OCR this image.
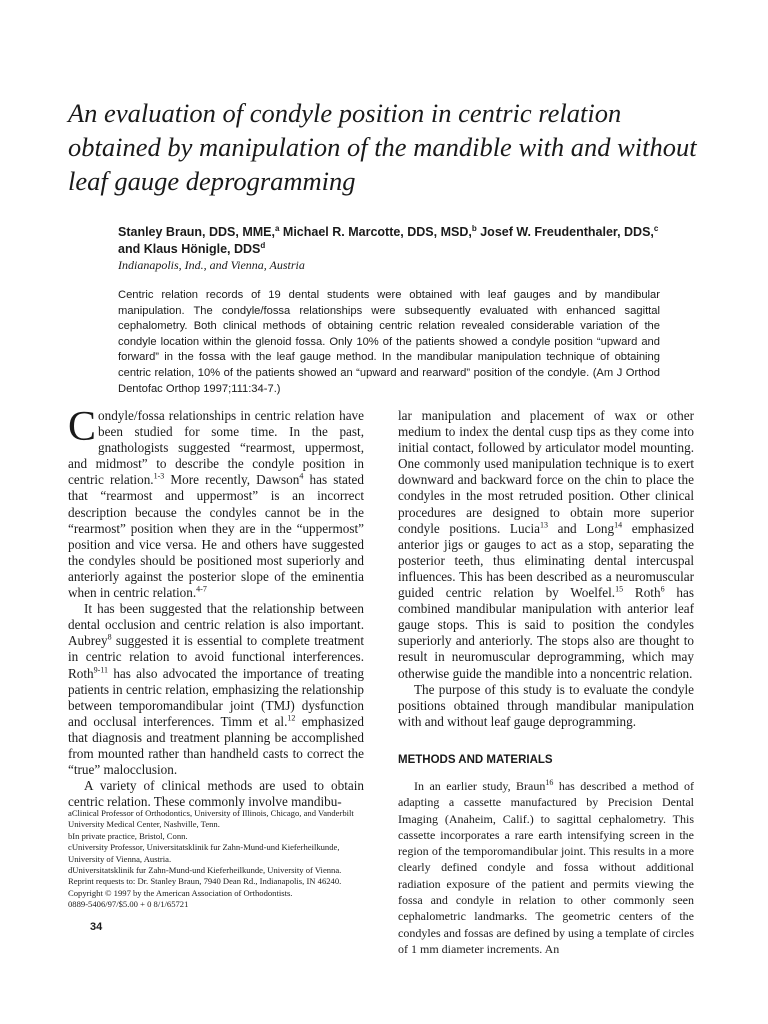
An evaluation of condyle position in centric relation obtained by manipulation of the mandible with and without leaf gauge deprogramming
Stanley Braun, DDS, MME,$^a$ Michael R. Marcotte, DDS, MSD,$^b$ Josef W. Freudenthaler, DDS,$^c$
and Klaus Hönigle, DDS$^d$
Indianapolis, Ind., and Vienna, Austria
Centric relation records of 19 dental students were obtained with leaf gauges and by mandibular manipulation. The condyle/fossa relationships were subsequently evaluated with enhanced sagittal cephalometry. Both clinical methods of obtaining centric relation revealed considerable variation of the condyle location within the glenoid fossa. Only 10% of the patients showed a condyle position “upward and forward” in the fossa with the leaf gauge method. In the mandibular manipulation technique of obtaining centric relation, 10% of the patients showed an “upward and rearward” position of the condyle. (Am J Orthod Dentofac Orthop 1997;111:34-7.)

Condyle/fossa relationships in centric relation have been studied for some time. In the past, gnathologists suggested “rearmost, uppermost, and midmost” to describe the condyle position in centric relation.$^{1-3}$ More recently, Dawson$^4$ has stated that “rearmost and uppermost” is an incorrect description because the condyles cannot be in the “rearmost” position when they are in the “uppermost” position and vice versa. He and others have suggested the condyles should be positioned most superiorly and anteriorly against the posterior slope of the eminentia when in centric relation.$^{4-7}$

It has been suggested that the relationship between dental occlusion and centric relation is also important. Aubrey$^8$ suggested it is essential to complete treatment in centric relation to avoid functional interferences. Roth$^{9-11}$ has also advocated the importance of treating patients in centric relation, emphasizing the relationship between temporomandibular joint (TMJ) dysfunction and occlusal interferences. Timm et al.$^{12}$ emphasized that diagnosis and treatment planning be accomplished from mounted rather than handheld casts to correct the “true” malocclusion.

A variety of clinical methods are used to obtain centric relation. These commonly involve mandibu-

aClinical Professor of Orthodontics, University of Illinois, Chicago, and Vanderbilt University Medical Center, Nashville, Tenn.
bIn private practice, Bristol, Conn.
cUniversity Professor, Universitatsklinik fur Zahn-Mund-und Kieferheilkunde, University of Vienna, Austria.
dUniversitatsklinik fur Zahn-Mund-und Kieferheilkunde, University of Vienna.
Reprint requests to: Dr. Stanley Braun, 7940 Dean Rd., Indianapolis, IN 46240.
Copyright © 1997 by the American Association of Orthodontists.
0889-5406/97/$5.00 + 0 8/1/65721

lar manipulation and placement of wax or other medium to index the dental cusp tips as they come into initial contact, followed by articulator model mounting. One commonly used manipulation technique is to exert downward and backward force on the chin to place the condyles in the most retruded position. Other clinical procedures are designed to obtain more superior condyle positions. Lucia$^{13}$ and Long$^{14}$ emphasized anterior jigs or gauges to act as a stop, separating the posterior teeth, thus eliminating dental intercuspal influences. This has been described as a neuromuscular guided centric relation by Woelfel.$^{15}$ Roth$^6$ has combined mandibular manipulation with anterior leaf gauge stops. This is said to position the condyles superiorly and anteriorly. The stops also are thought to result in neuromuscular deprogramming, which may otherwise guide the mandible into a noncentric relation.

The purpose of this study is to evaluate the condyle positions obtained through mandibular manipulation with and without leaf gauge deprogramming.

METHODS AND MATERIALS

In an earlier study, Braun$^{16}$ has described a method of adapting a cassette manufactured by Precision Dental Imaging (Anaheim, Calif.) to sagittal cephalometry. This cassette incorporates a rare earth intensifying screen in the region of the temporomandibular joint. This results in a more clearly defined condyle and fossa without additional radiation exposure of the patient and permits viewing the fossa and condyle in relation to other commonly seen cephalometric landmarks. The geometric centers of the condyles and fossas are defined by using a template of circles of 1 mm diameter increments. An

34
